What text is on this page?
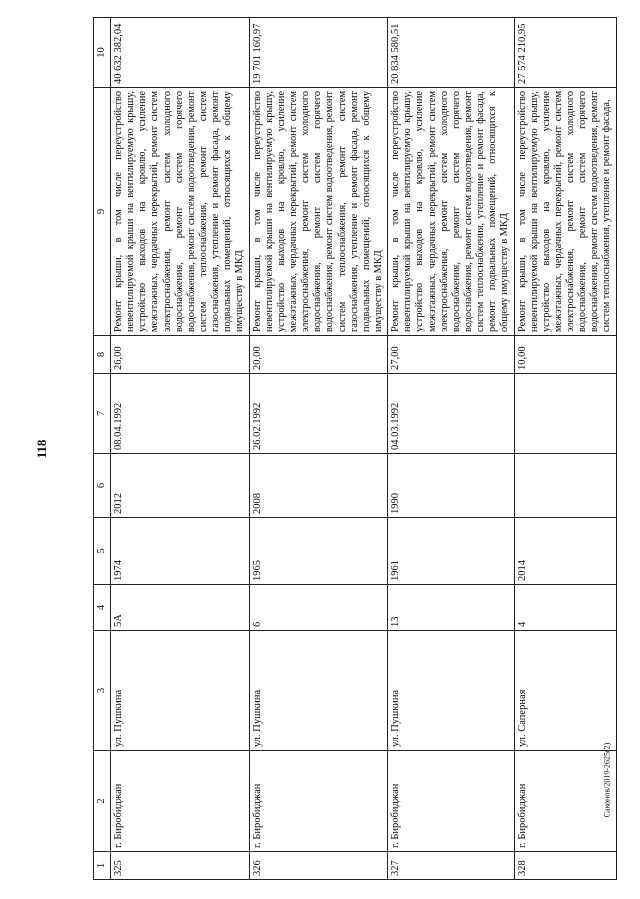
118
Саконов/2019-2625(2)
1	2	3	4	5	6	7	8	9	10
325	г. Биробиджан	ул. Пушкина	5А	1974	2012	08.04.1992	26,00	Ремонт крыши, в том числе переустройство невентилируемой крыши на вентилируемую крышу, устройство выходов на кровлю, усиление межэтажных, чердачных перекрытий, ремонт систем электроснабжения, ремонт систем холодного водоснабжения, ремонт систем горячего водоснабжения, ремонт систем водоотведения, ремонт систем теплоснабжения, ремонт систем газоснабжения, утепление и ремонт фасада, ремонт подвальных помещений, относящихся к общему имуществу в МКД	40 632 382,04
326	г. Биробиджан	ул. Пушкина	6	1965	2008	26.02.1992	20,00	Ремонт крыши, в том числе переустройство невентилируемой крыши на вентилируемую крышу, устройство выходов на кровлю, усиление межэтажных, чердачных перекрытий, ремонт систем электроснабжения, ремонт систем холодного водоснабжения, ремонт систем горячего водоснабжения, ремонт систем водоотведения, ремонт систем теплоснабжения, ремонт систем газоснабжения, утепление и ремонт фасада, ремонт подвальных помещений, относящихся к общему имуществу в МКД	19 701 160,97
327	г. Биробиджан	ул. Пушкина	13	1961	1990	04.03.1992	27,00	Ремонт крыши, в том числе переустройство невентилируемой крыши на вентилируемую крышу, устройство выходов на кровлю, усиление межэтажных, чердачных перекрытий, ремонт систем электроснабжения, ремонт систем холодного водоснабжения, ремонт систем горячего водоснабжения, ремонт систем водоотведения, ремонт систем теплоснабжения, утепление и ремонт фасада, ремонт подвальных помещений, относящихся к общему имуществу в МКД	20 834 580,51
328	г. Биробиджан	ул. Саперная	4	2014			10,00	Ремонт крыши, в том числе переустройство невентилируемой крыши на вентилируемую крышу, устройство выходов на кровлю, усиление межэтажных, чердачных перекрытий, ремонт систем электроснабжения, ремонт систем холодного водоснабжения, ремонт систем горячего водоснабжения, ремонт систем водоотведения, ремонт систем теплоснабжения, утепление и ремонт фасада,	27 574 210,95
